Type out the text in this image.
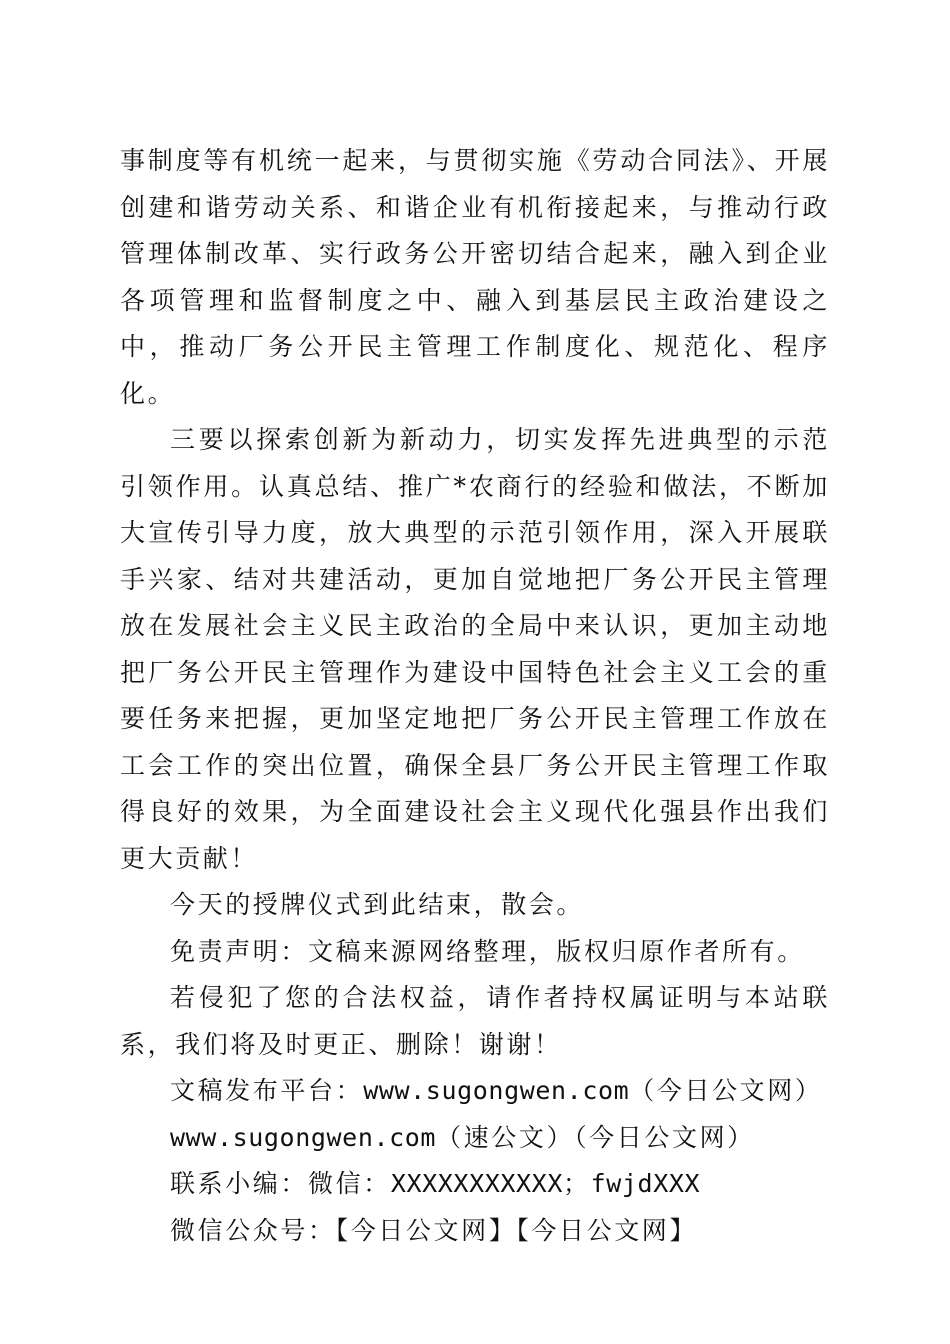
事制度等有机统一起来，与贯彻实施《劳动合同法》、开展创建和谐劳动关系、和谐企业有机衔接起来，与推动行政管理体制改革、实行政务公开密切结合起来，融入到企业各项管理和监督制度之中、融入到基层民主政治建设之中，推动厂务公开民主管理工作制度化、规范化、程序化。

三要以探索创新为新动力，切实发挥先进典型的示范引领作用。认真总结、推广*农商行的经验和做法，不断加大宣传引导力度，放大典型的示范引领作用，深入开展联手兴家、结对共建活动，更加自觉地把厂务公开民主管理放在发展社会主义民主政治的全局中来认识，更加主动地把厂务公开民主管理作为建设中国特色社会主义工会的重要任务来把握，更加坚定地把厂务公开民主管理工作放在工会工作的突出位置，确保全县厂务公开民主管理工作取得良好的效果，为全面建设社会主义现代化强县作出我们更大贡献！

今天的授牌仪式到此结束，散会。

免责声明：文稿来源网络整理，版权归原作者所有。

若侵犯了您的合法权益，请作者持权属证明与本站联系，我们将及时更正、删除！谢谢！

文稿发布平台：www.sugongwen.com（今日公文网）

www.sugongwen.com（速公文）（今日公文网）

联系小编：微信：XXXXXXXXXXX；fwjdXXX

微信公众号：【今日公文网】【今日公文网】
